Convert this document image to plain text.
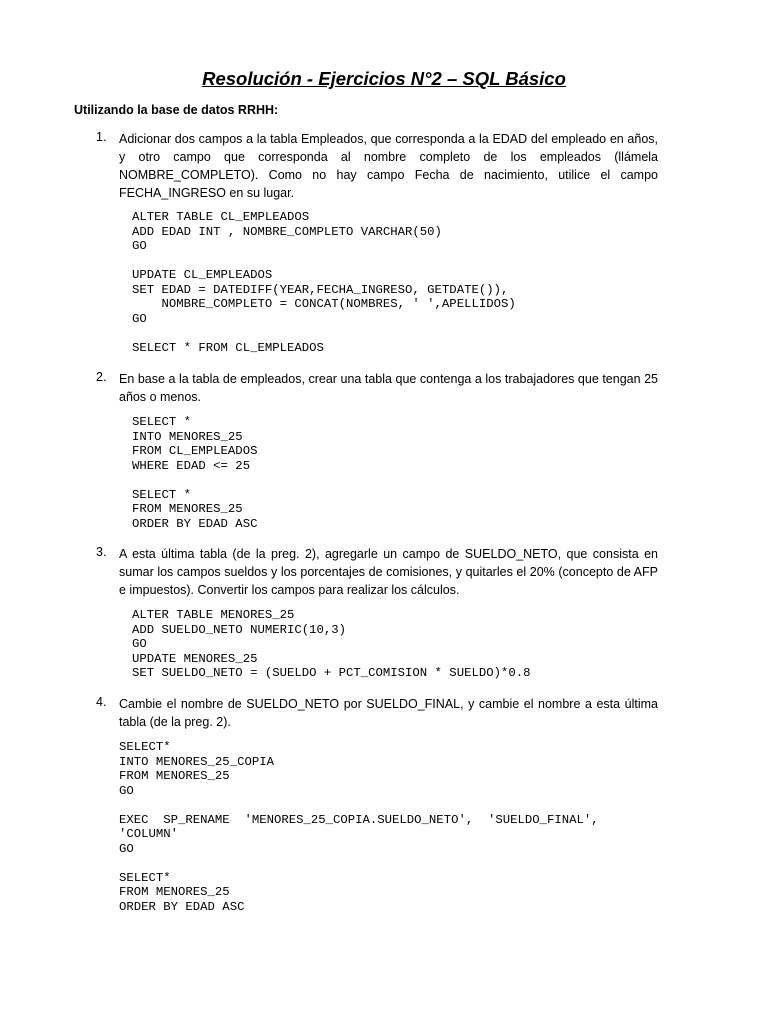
Resolución - Ejercicios N°2 – SQL Básico
Utilizando la base de datos RRHH:
1. Adicionar dos campos a la tabla Empleados, que corresponda a la EDAD del empleado en años, y otro campo que corresponda al nombre completo de los empleados (llámela NOMBRE_COMPLETO). Como no hay campo Fecha de nacimiento, utilice el campo FECHA_INGRESO en su lugar.
ALTER TABLE CL_EMPLEADOS
ADD EDAD INT , NOMBRE_COMPLETO VARCHAR(50)
GO

UPDATE CL_EMPLEADOS
SET EDAD = DATEDIFF(YEAR,FECHA_INGRESO, GETDATE()),
NOMBRE_COMPLETO = CONCAT(NOMBRES, ' ',APELLIDOS)
GO

SELECT * FROM CL_EMPLEADOS
2. En base a la tabla de empleados, crear una tabla que contenga a los trabajadores que tengan 25 años o menos.
SELECT *
INTO MENORES_25
FROM CL_EMPLEADOS
WHERE EDAD <= 25

SELECT *
FROM MENORES_25
ORDER BY EDAD ASC
3. A esta última tabla (de la preg. 2), agregarle un campo de SUELDO_NETO, que consista en sumar los campos sueldos y los porcentajes de comisiones, y quitarles el 20% (concepto de AFP e impuestos). Convertir los campos para realizar los cálculos.
ALTER TABLE MENORES_25
ADD SUELDO_NETO NUMERIC(10,3)
GO
UPDATE MENORES_25
SET SUELDO_NETO = (SUELDO + PCT_COMISION * SUELDO)*0.8
4. Cambie el nombre de SUELDO_NETO por SUELDO_FINAL, y cambie el nombre a esta última tabla (de la preg. 2).
SELECT*
INTO MENORES_25_COPIA
FROM MENORES_25
GO

EXEC  SP_RENAME  'MENORES_25_COPIA.SUELDO_NETO',  'SUELDO_FINAL',
'COLUMN'
GO

SELECT*
FROM MENORES_25
ORDER BY EDAD ASC
